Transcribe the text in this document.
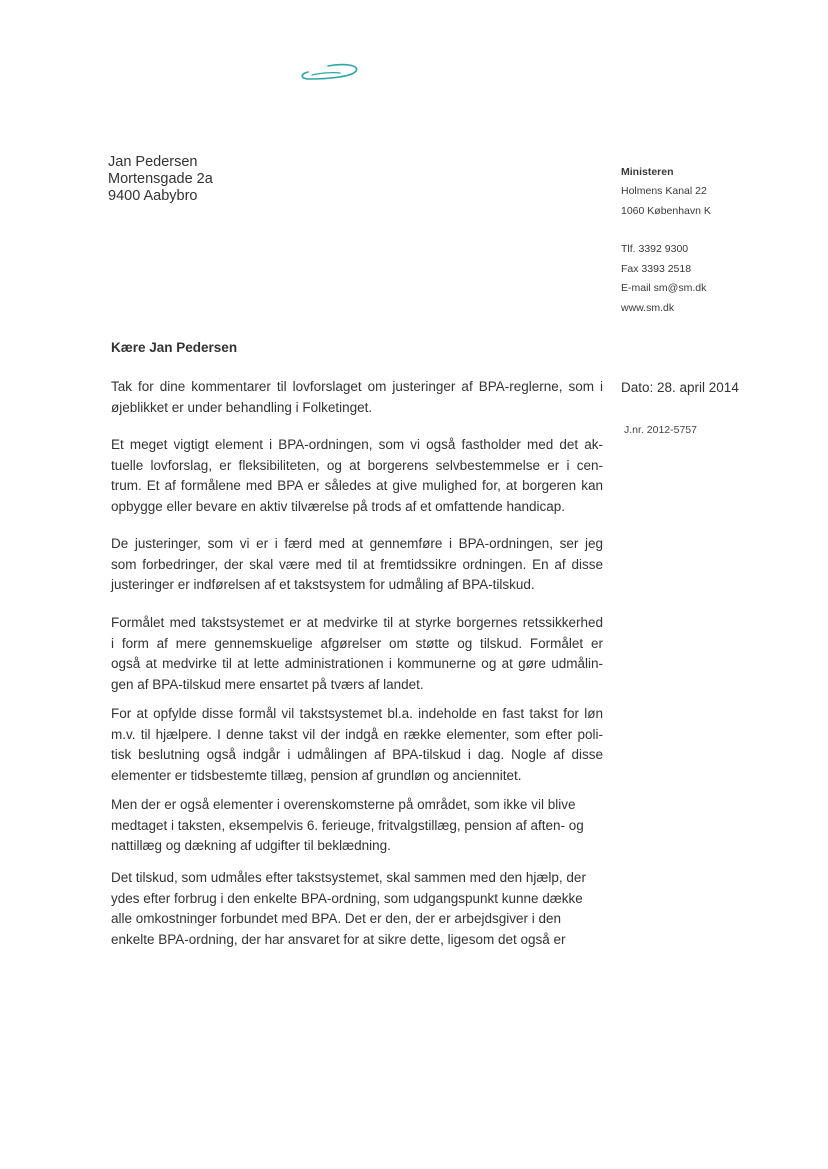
Jan Pedersen
Mortensgade 2a
9400 Aabybro
Ministeren
Holmens Kanal 22
1060 København K
Tlf. 3392 9300
Fax 3393 2518
E-mail sm@sm.dk
www.sm.dk
Kære Jan Pedersen
Dato: 28. april 2014
J.nr. 2012-5757
Tak for dine kommentarer til lovforslaget om justeringer af BPA-reglerne, som i
øjeblikket er under behandling i Folketinget.
Et meget vigtigt element i BPA-ordningen, som vi også fastholder med det ak-
tuelle lovforslag, er fleksibiliteten, og at borgerens selvbestemmelse er i cen-
trum. Et af formålene med BPA er således at give mulighed for, at borgeren kan
opbygge eller bevare en aktiv tilværelse på trods af et omfattende handicap.
De justeringer, som vi er i færd med at gennemføre i BPA-ordningen, ser jeg
som forbedringer, der skal være med til at fremtidssikre ordningen. En af disse
justeringer er indførelsen af et takstsystem for udmåling af BPA-tilskud.
Formålet med takstsystemet er at medvirke til at styrke borgernes retssikkerhed
i form af mere gennemskuelige afgørelser om støtte og tilskud. Formålet er
også at medvirke til at lette administrationen i kommunerne og at gøre udmålin-
gen af BPA-tilskud mere ensartet på tværs af landet.
For at opfylde disse formål vil takstsystemet bl.a. indeholde en fast takst for løn
m.v. til hjælpere. I denne takst vil der indgå en række elementer, som efter poli-
tisk beslutning også indgår i udmålingen af BPA-tilskud i dag. Nogle af disse
elementer er tidsbestemte tillæg, pension af grundløn og anciennitet.
Men der er også elementer i overenskomsterne på området, som ikke vil blive
medtaget i taksten, eksempelvis 6. ferieuge, fritvalgstillæg, pension af aften- og
nattillæg og dækning af udgifter til beklædning.
Det tilskud, som udmåles efter takstsystemet, skal sammen med den hjælp, der
ydes efter forbrug i den enkelte BPA-ordning, som udgangspunkt kunne dække
alle omkostninger forbundet med BPA. Det er den, der er arbejdsgiver i den
enkelte BPA-ordning, der har ansvaret for at sikre dette, ligesom det også er
